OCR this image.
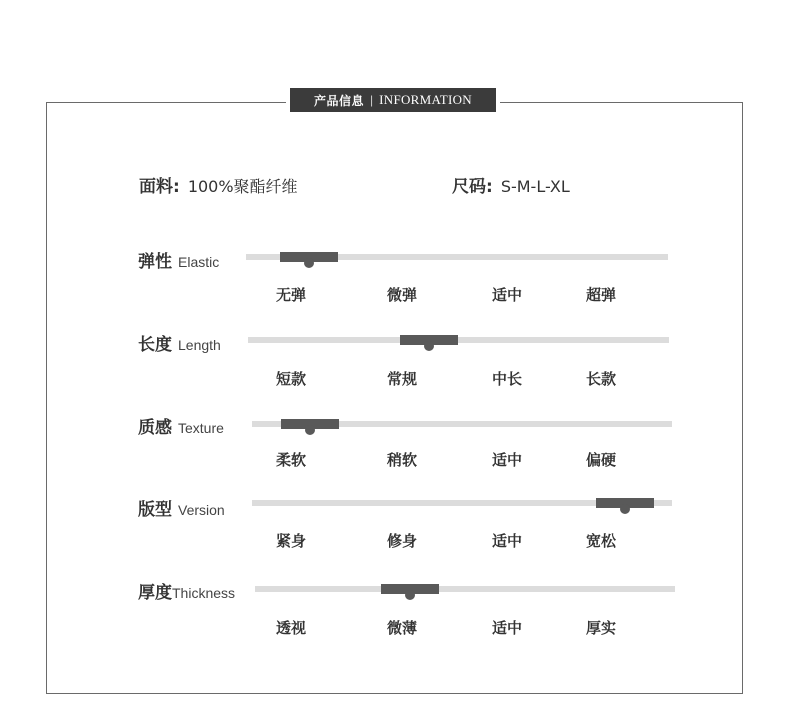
产品信息 | INFORMATION
面料: 100%聚酯纤维	尺码: S-M-L-XL
弹性 Elastic
无弹	微弹	适中	超弹
长度 Length
短款	常规	中长	长款
质感 Texture
柔软	稍软	适中	偏硬
版型 Version
紧身	修身	适中	宽松
厚度Thickness
透视	微薄	适中	厚实
